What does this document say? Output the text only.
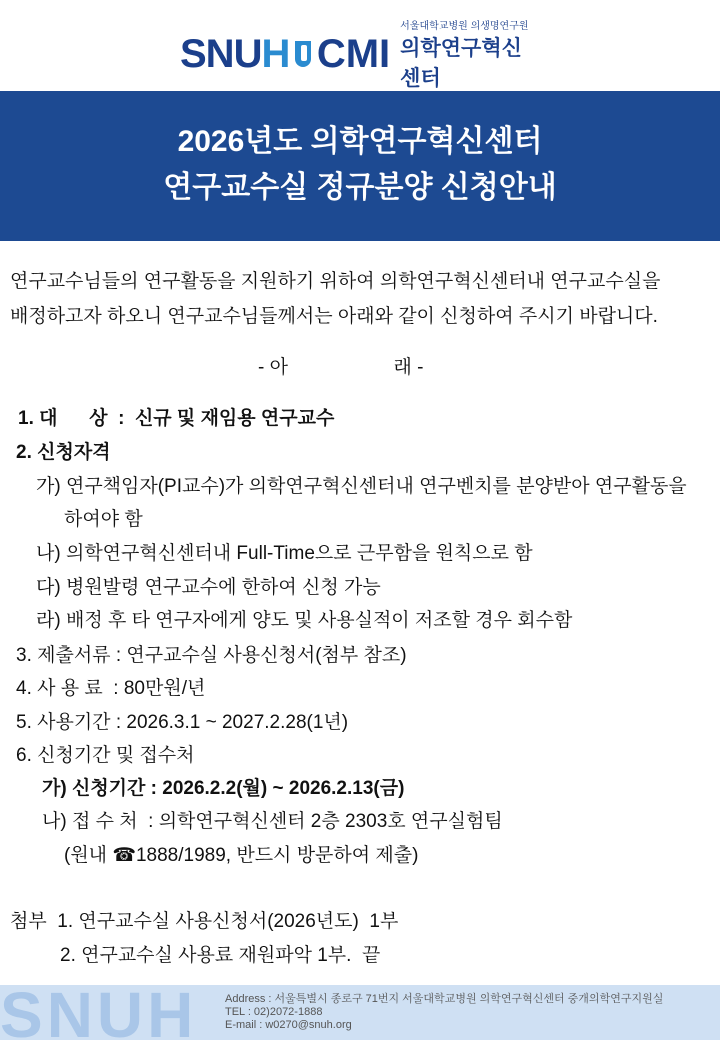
SNUH CMI
서울대학교병원 의생명연구원
의학연구혁신센터
2026년도 의학연구혁신센터
연구교수실 정규분양 신청안내
연구교수님들의 연구활동을 지원하기 위하여 의학연구혁신센터내 연구교수실을
배정하고자 하오니 연구교수님들께서는 아래와 같이 신청하여 주시기 바랍니다.
- 아                    래 -
1. 대      상  :  신규 및 재임용 연구교수
2. 신청자격
가) 연구책임자(PI교수)가 의학연구혁신센터내 연구벤치를 분양받아 연구활동을
하여야 함
나) 의학연구혁신센터내 Full-Time으로 근무함을 원칙으로 함
다) 병원발령 연구교수에 한하여 신청 가능
라) 배정 후 타 연구자에게 양도 및 사용실적이 저조할 경우 회수함
3. 제출서류 : 연구교수실 사용신청서(첨부 참조)
4. 사 용 료  : 80만원/년
5. 사용기간 : 2026.3.1 ~ 2027.2.28(1년)
6. 신청기간 및 접수처
가) 신청기간 : 2026.2.2(월) ~ 2026.2.13(금)
나) 접 수 처  : 의학연구혁신센터 2층 2303호 연구실험팀
(원내 ☎1888/1989, 반드시 방문하여 제출)
첨부  1. 연구교수실 사용신청서(2026년도)  1부
2. 연구교수실 사용료 재원파악 1부.  끝
SNUH	Address : 서울특별시 종로구 71번지 서울대학교병원 의학연구혁신센터 중개의학연구지원실
TEL : 02)2072-1888
E-mail : w0270@snuh.org
